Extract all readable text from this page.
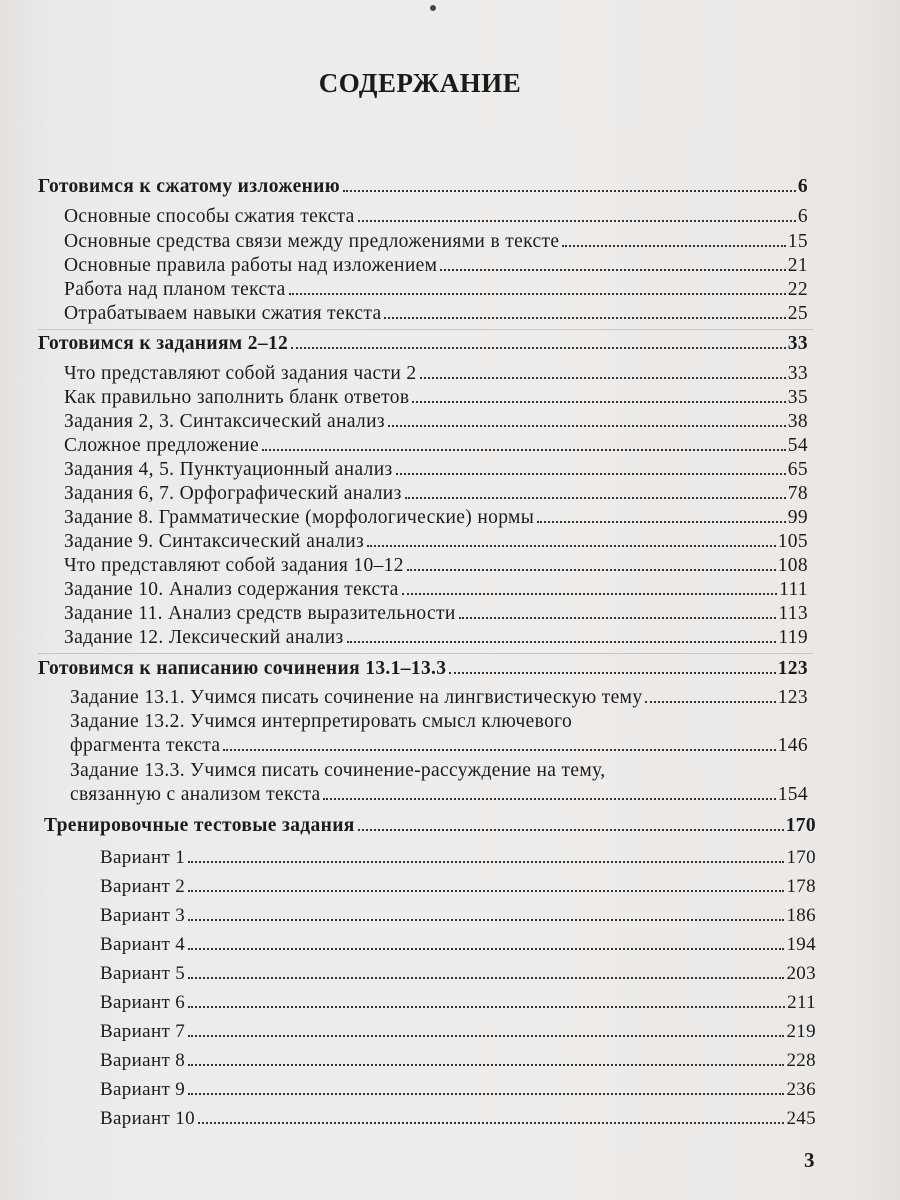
СОДЕРЖАНИЕ
Готовимся к сжатому изложению	6
Основные способы сжатия текста	6
Основные средства связи между предложениями в тексте	15
Основные правила работы над изложением	21
Работа над планом текста	22
Отрабатываем навыки сжатия текста	25
Готовимся к заданиям 2–12	33
Что представляют собой задания части 2	33
Как правильно заполнить бланк ответов	35
Задания 2, 3. Синтаксический анализ	38
Сложное предложение	54
Задания 4, 5. Пунктуационный анализ	65
Задания 6, 7. Орфографический анализ	78
Задание 8. Грамматические (морфологические) нормы	99
Задание 9. Синтаксический анализ	105
Что представляют собой задания 10–12	108
Задание 10. Анализ содержания текста	111
Задание 11. Анализ средств выразительности	113
Задание 12. Лексический анализ	119
Готовимся к написанию сочинения 13.1–13.3	123
Задание 13.1. Учимся писать сочинение на лингвистическую тему	123
Задание 13.2. Учимся интерпретировать смысл ключевого
фрагмента текста	146
Задание 13.3. Учимся писать сочинение-рассуждение на тему,
связанную с анализом текста	154
Тренировочные тестовые задания	170
Вариант 1	170
Вариант 2	178
Вариант 3	186
Вариант 4	194
Вариант 5	203
Вариант 6	211
Вариант 7	219
Вариант 8	228
Вариант 9	236
Вариант 10	245
3
